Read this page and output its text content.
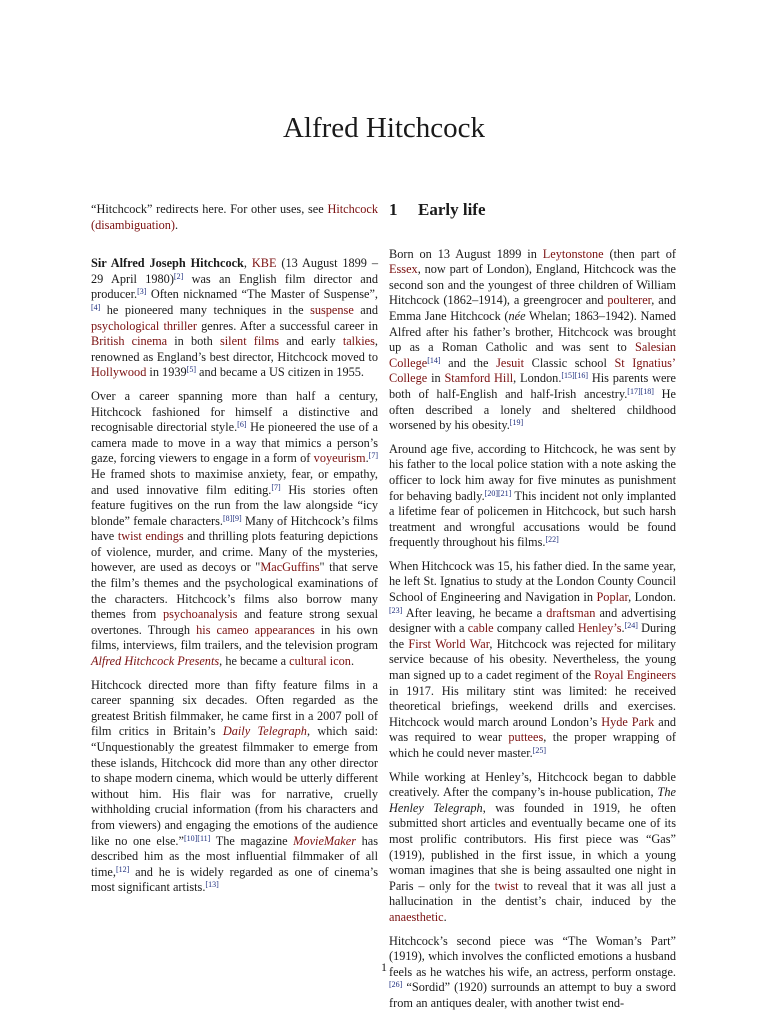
Alfred Hitchcock

“Hitchcock” redirects here. For other uses, see Hitchcock (disambiguation).

Sir Alfred Joseph Hitchcock, KBE (13 August 1899 – 29 April 1980)[2] was an English film director and producer.[3] Often nicknamed “The Master of Suspense”,[4] he pioneered many techniques in the suspense and psychological thriller genres. After a successful career in British cinema in both silent films and early talkies, renowned as England’s best director, Hitchcock moved to Hollywood in 1939[5] and became a US citizen in 1955.

Over a career spanning more than half a century, Hitchcock fashioned for himself a distinctive and recognisable directorial style.[6] He pioneered the use of a camera made to move in a way that mimics a person’s gaze, forcing viewers to engage in a form of voyeurism.[7] He framed shots to maximise anxiety, fear, or empathy, and used innovative film editing.[7] His stories often feature fugitives on the run from the law alongside “icy blonde” female characters.[8][9] Many of Hitchcock’s films have twist endings and thrilling plots featuring depictions of violence, murder, and crime. Many of the mysteries, however, are used as decoys or "MacGuffins" that serve the film’s themes and the psychological examinations of the characters. Hitchcock’s films also borrow many themes from psychoanalysis and feature strong sexual overtones. Through his cameo appearances in his own films, interviews, film trailers, and the television program Alfred Hitchcock Presents, he became a cultural icon.

Hitchcock directed more than fifty feature films in a career spanning six decades. Often regarded as the greatest British filmmaker, he came first in a 2007 poll of film critics in Britain’s Daily Telegraph, which said: “Unquestionably the greatest filmmaker to emerge from these islands, Hitchcock did more than any other director to shape modern cinema, which would be utterly different without him. His flair was for narrative, cruelly withholding crucial information (from his characters and from viewers) and engaging the emotions of the audience like no one else.”[10][11] The magazine MovieMaker has described him as the most influential filmmaker of all time,[12] and he is widely regarded as one of cinema’s most significant artists.[13]

1 Early life

Born on 13 August 1899 in Leytonstone (then part of Essex, now part of London), England, Hitchcock was the second son and the youngest of three children of William Hitchcock (1862–1914), a greengrocer and poulterer, and Emma Jane Hitchcock (née Whelan; 1863–1942). Named Alfred after his father’s brother, Hitchcock was brought up as a Roman Catholic and was sent to Salesian College[14] and the Jesuit Classic school St Ignatius’ College in Stamford Hill, London.[15][16] His parents were both of half-English and half-Irish ancestry.[17][18] He often described a lonely and sheltered childhood worsened by his obesity.[19]

Around age five, according to Hitchcock, he was sent by his father to the local police station with a note asking the officer to lock him away for five minutes as punishment for behaving badly.[20][21] This incident not only implanted a lifetime fear of policemen in Hitchcock, but such harsh treatment and wrongful accusations would be found frequently throughout his films.[22]

When Hitchcock was 15, his father died. In the same year, he left St. Ignatius to study at the London County Council School of Engineering and Navigation in Poplar, London.[23] After leaving, he became a draftsman and advertising designer with a cable company called Henley’s.[24] During the First World War, Hitchcock was rejected for military service because of his obesity. Nevertheless, the young man signed up to a cadet regiment of the Royal Engineers in 1917. His military stint was limited: he received theoretical briefings, weekend drills and exercises. Hitchcock would march around London’s Hyde Park and was required to wear puttees, the proper wrapping of which he could never master.[25]

While working at Henley’s, Hitchcock began to dabble creatively. After the company’s in-house publication, The Henley Telegraph, was founded in 1919, he often submitted short articles and eventually became one of its most prolific contributors. His first piece was “Gas” (1919), published in the first issue, in which a young woman imagines that she is being assaulted one night in Paris – only for the twist to reveal that it was all just a hallucination in the dentist’s chair, induced by the anaesthetic.

Hitchcock’s second piece was “The Woman’s Part” (1919), which involves the conflicted emotions a husband feels as he watches his wife, an actress, perform onstage.[26] “Sordid” (1920) surrounds an attempt to buy a sword from an antiques dealer, with another twist end-

1
